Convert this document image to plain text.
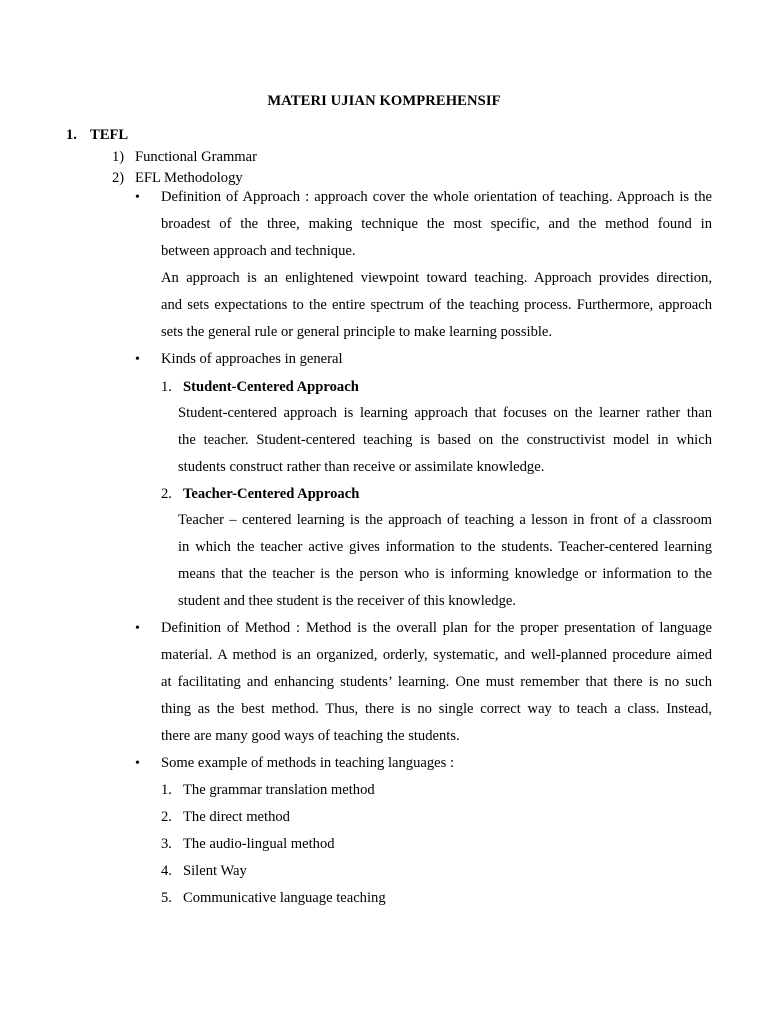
MATERI UJIAN KOMPREHENSIF
1. TEFL
1) Functional Grammar
2) EFL Methodology
• Definition of Approach : approach cover the whole orientation of teaching. Approach is the
broadest of the three, making technique the most specific, and the method found in
between approach and technique.
An approach is an enlightened viewpoint toward teaching. Approach provides direction,
and sets expectations to the entire spectrum of the teaching process. Furthermore, approach
sets the general rule or general principle to make learning possible.
• Kinds of approaches in general
1. Student-Centered Approach
Student-centered approach is learning approach that focuses on the learner rather than
the teacher. Student-centered teaching is based on the constructivist model in which
students construct rather than receive or assimilate knowledge.
2. Teacher-Centered Approach
Teacher – centered learning is the approach of teaching a lesson in front of a classroom
in which the teacher active gives information to the students. Teacher-centered learning
means that the teacher is the person who is informing knowledge or information to the
student and thee student is the receiver of this knowledge.
• Definition of Method : Method is the overall plan for the proper presentation of language
material. A method is an organized, orderly, systematic, and well-planned procedure aimed
at facilitating and enhancing students’ learning. One must remember that there is no such
thing as the best method. Thus, there is no single correct way to teach a class. Instead,
there are many good ways of teaching the students.
• Some example of methods in teaching languages :
1. The grammar translation method
2. The direct method
3. The audio-lingual method
4. Silent Way
5. Communicative language teaching
